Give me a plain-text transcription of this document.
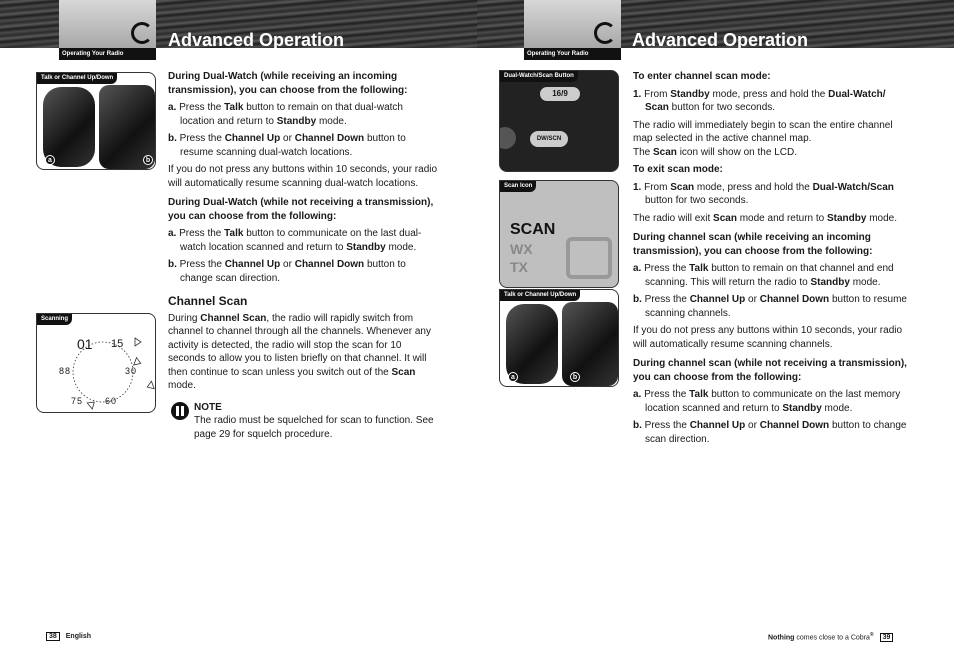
Operating Your Radio
Advanced Operation
Talk or Channel Up/Down
a	b
Scanning
01 15
88	30
75 60

During Dual-Watch (while receiving an incoming transmission), you can choose from the following:

a. Press the Talk button to remain on that dual-watch location and return to Standby mode.
b. Press the Channel Up or Channel Down button to resume scanning dual-watch locations.

If you do not press any buttons within 10 seconds, your radio will automatically resume scanning dual-watch locations.

During Dual-Watch (while not receiving a transmission), you can choose from the following:

a. Press the Talk button to communicate on the last dual-watch location scanned and return to Standby mode.
b. Press the Channel Up or Channel Down button to change scan direction.
Channel Scan

During Channel Scan, the radio will rapidly switch from channel to channel through all the channels. Whenever any activity is detected, the radio will stop the scan for 10 seconds to allow you to listen briefly on that channel. It will then continue to scan unless you switch out of the Scan mode.

NOTE
The radio must be squelched for scan to function. See page 29 for squelch procedure.
38 English
Operating Your Radio
Advanced Operation
Dual-Watch/Scan Button
16/9
DW/SCN
Scan Icon
SCAN
WX
TX
Talk or Channel Up/Down
a	b

To enter channel scan mode:

1. From Standby mode, press and hold the Dual-Watch/ Scan button for two seconds.

The radio will immediately begin to scan the entire channel map selected in the active channel map.

The Scan icon will show on the LCD.

To exit scan mode:

1. From Scan mode, press and hold the Dual-Watch/Scan button for two seconds.

The radio will exit Scan mode and return to Standby mode.

During channel scan (while receiving an incoming transmission), you can choose from the following:

a. Press the Talk button to remain on that channel and end scanning. This will return the radio to Standby mode.
b. Press the Channel Up or Channel Down button to resume scanning channels.

If you do not press any buttons within 10 seconds, your radio will automatically resume scanning channels.

During channel scan (while not receiving a transmission), you can choose from the following:

a. Press the Talk button to communicate on the last memory location scanned and return to Standby mode.
b. Press the Channel Up or Channel Down button to change scan direction.
Nothing comes close to a Cobra® 39
